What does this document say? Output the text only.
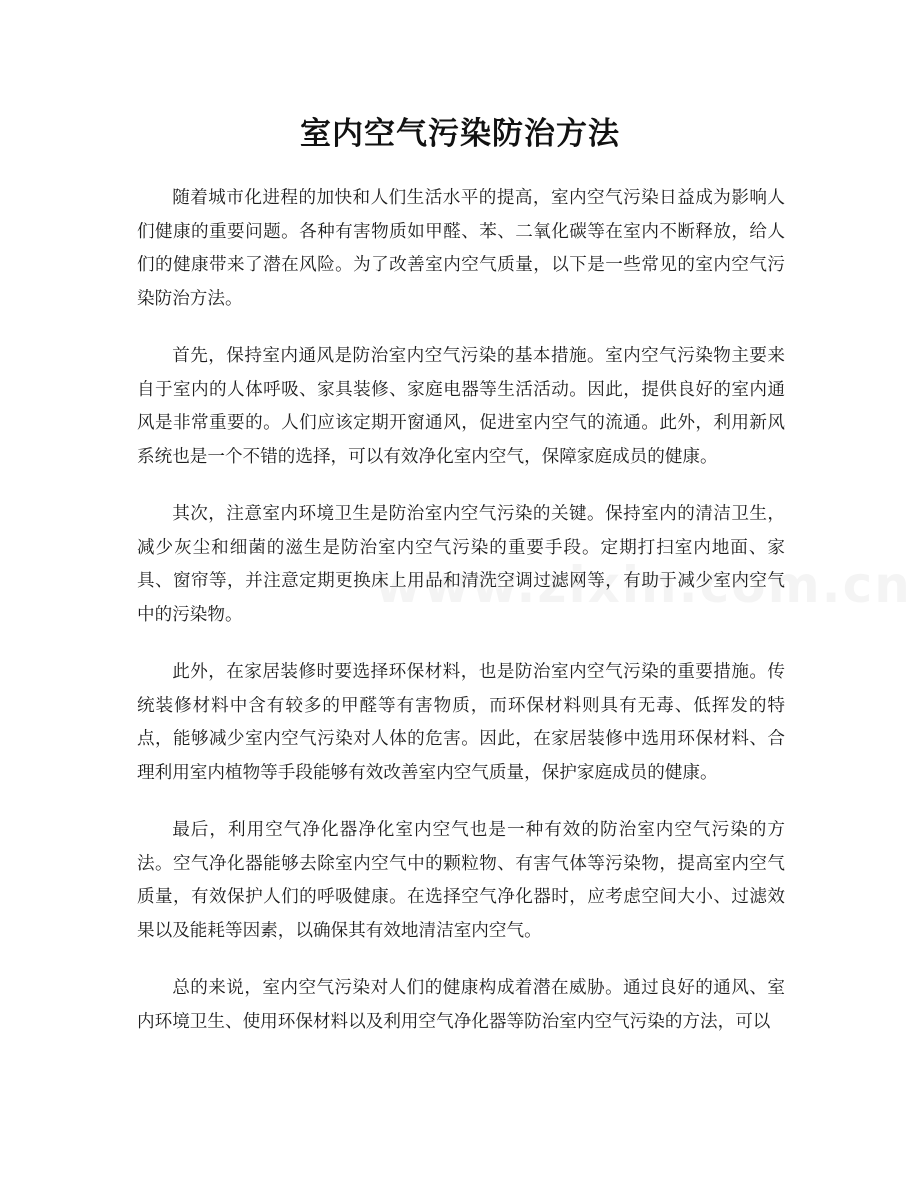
室内空气污染防治方法

随着城市化进程的加快和人们生活水平的提高，室内空气污染日益成为影响人们健康的重要问题。各种有害物质如甲醛、苯、二氧化碳等在室内不断释放，给人们的健康带来了潜在风险。为了改善室内空气质量，以下是一些常见的室内空气污染防治方法。

首先，保持室内通风是防治室内空气污染的基本措施。室内空气污染物主要来自于室内的人体呼吸、家具装修、家庭电器等生活活动。因此，提供良好的室内通风是非常重要的。人们应该定期开窗通风，促进室内空气的流通。此外，利用新风系统也是一个不错的选择，可以有效净化室内空气，保障家庭成员的健康。

其次，注意室内环境卫生是防治室内空气污染的关键。保持室内的清洁卫生，减少灰尘和细菌的滋生是防治室内空气污染的重要手段。定期打扫室内地面、家具、窗帘等，并注意定期更换床上用品和清洗空调过滤网等，有助于减少室内空气中的污染物。

此外，在家居装修时要选择环保材料，也是防治室内空气污染的重要措施。传统装修材料中含有较多的甲醛等有害物质，而环保材料则具有无毒、低挥发的特点，能够减少室内空气污染对人体的危害。因此，在家居装修中选用环保材料、合理利用室内植物等手段能够有效改善室内空气质量，保护家庭成员的健康。

最后，利用空气净化器净化室内空气也是一种有效的防治室内空气污染的方法。空气净化器能够去除室内空气中的颗粒物、有害气体等污染物，提高室内空气质量，有效保护人们的呼吸健康。在选择空气净化器时，应考虑空间大小、过滤效果以及能耗等因素，以确保其有效地清洁室内空气。

总的来说，室内空气污染对人们的健康构成着潜在威胁。通过良好的通风、室内环境卫生、使用环保材料以及利用空气净化器等防治室内空气污染的方法，可以
